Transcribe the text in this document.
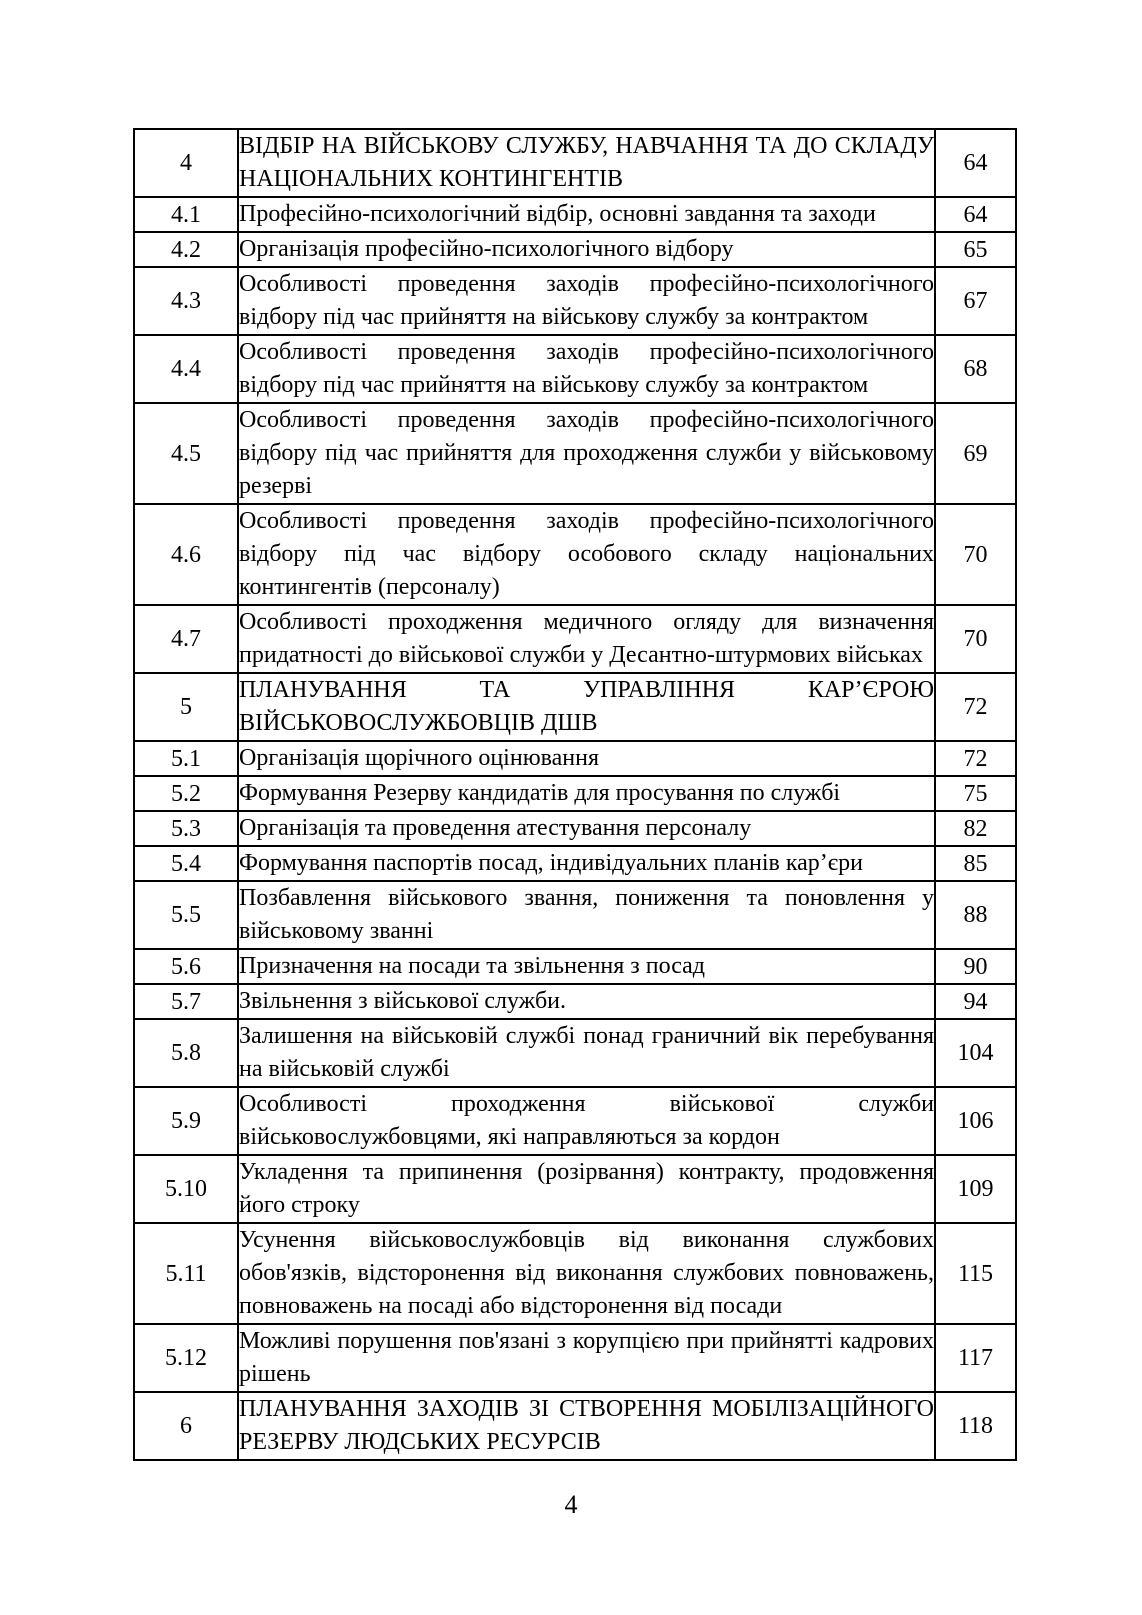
4	ВІДБІР НА ВІЙСЬКОВУ СЛУЖБУ, НАВЧАННЯ ТА ДО СКЛАДУ НАЦІОНАЛЬНИХ КОНТИНГЕНТІВ	64
4.1	Професійно-психологічний відбір, основні завдання та заходи	64
4.2	Організація професійно-психологічного відбору	65
4.3	Особливості проведення заходів професійно-психологічного відбору під час прийняття на військову службу за контрактом	67
4.4	Особливості проведення заходів професійно-психологічного відбору під час прийняття на військову службу за контрактом	68
4.5	Особливості проведення заходів професійно-психологічного відбору під час прийняття для проходження служби у військовому резерві	69
4.6	Особливості проведення заходів професійно-психологічного відбору під час відбору особового складу національних контингентів (персоналу)	70
4.7	Особливості проходження медичного огляду для визначення придатності до військової служби у Десантно-штурмових військах	70
5	ПЛАНУВАННЯ ТА УПРАВЛІННЯ КАР’ЄРОЮ ВІЙСЬКОВОСЛУЖБОВЦІВ ДШВ	72
5.1	Організація щорічного оцінювання	72
5.2	Формування Резерву кандидатів для просування по службі	75
5.3	Організація та проведення атестування персоналу	82
5.4	Формування паспортів посад, індивідуальних планів кар’єри	85
5.5	Позбавлення військового звання, пониження та поновлення у військовому званні	88
5.6	Призначення на посади та звільнення з посад	90
5.7	Звільнення з військової служби.	94
5.8	Залишення на військовій службі понад граничний вік перебування на військовій службі	104
5.9	Особливості проходження військової служби військовослужбовцями, які направляються за кордон	106
5.10	Укладення та припинення (розірвання) контракту, продовження його строку	109
5.11	Усунення військовослужбовців від виконання службових обов'язків, відсторонення від виконання службових повноважень, повноважень на посаді або відсторонення від посади	115
5.12	Можливі порушення пов'язані з корупцією при прийнятті кадрових рішень	117
6	ПЛАНУВАННЯ ЗАХОДІВ ЗІ СТВОРЕННЯ МОБІЛІЗАЦІЙНОГО РЕЗЕРВУ ЛЮДСЬКИХ РЕСУРСІВ	118
4
